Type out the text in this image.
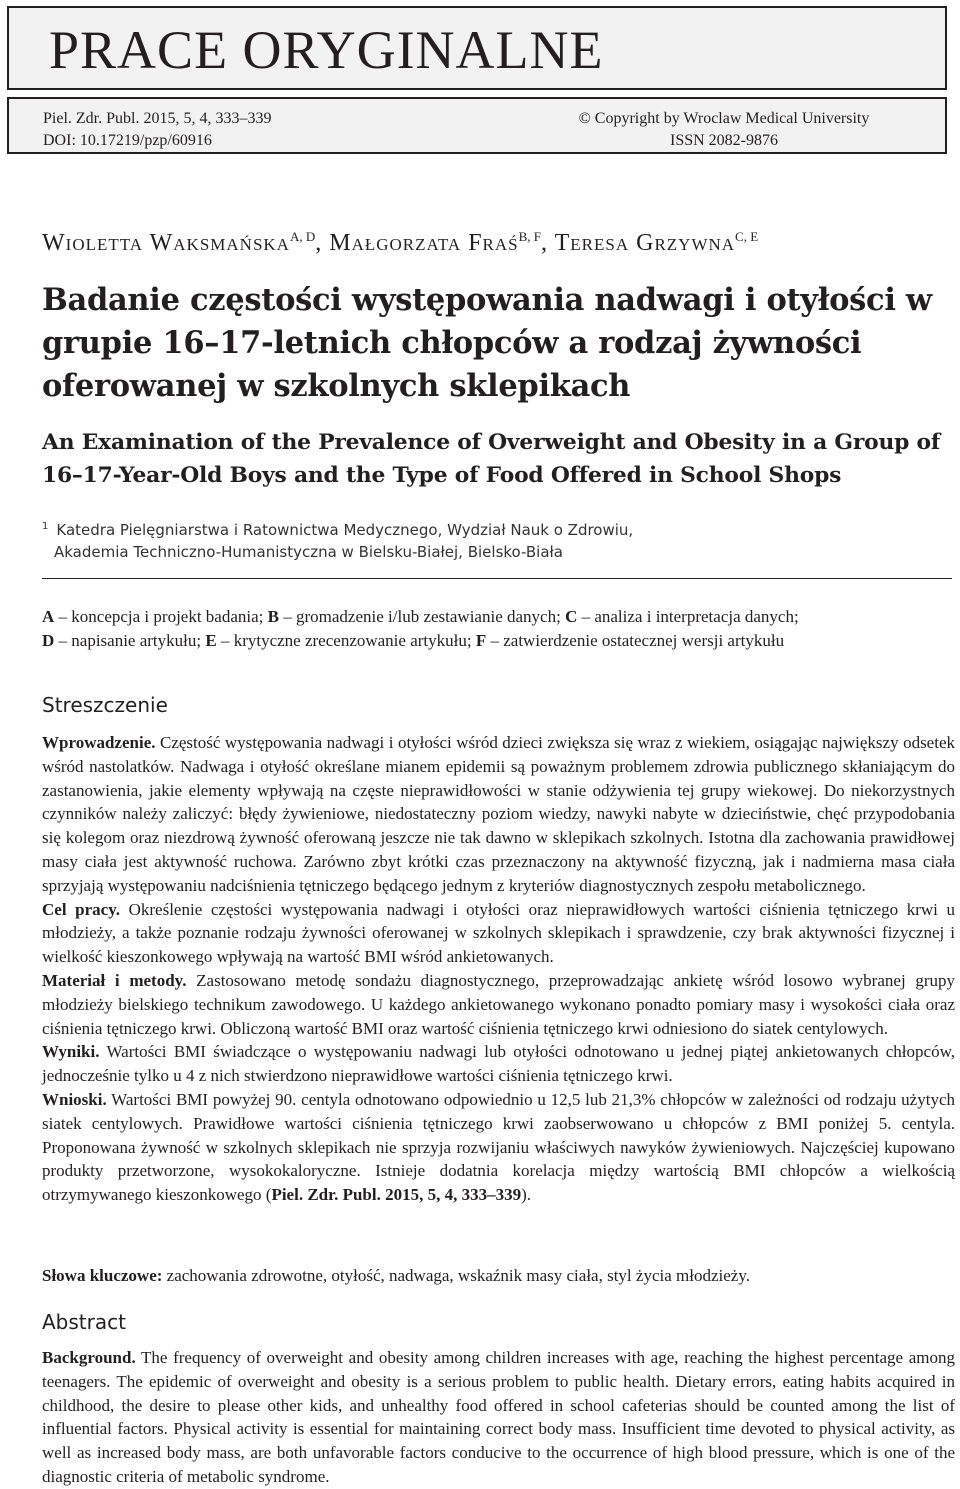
PRACE ORYGINALNE
Piel. Zdr. Publ. 2015, 5, 4, 333–339
DOI: 10.17219/pzp/60916
© Copyright by Wroclaw Medical University
ISSN 2082-9876
Wioletta Waksmańska$^{A, D}$, Małgorzata Fraś$^{B, F}$, Teresa Grzywna$^{C, E}$
Badanie częstości występowania nadwagi i otyłości w grupie 16–17-letnich chłopców a rodzaj żywności oferowanej w szkolnych sklepikach
An Examination of the Prevalence of Overweight and Obesity in a Group of 16–17-Year-Old Boys and the Type of Food Offered in School Shops
$^1$ Katedra Pielęgniarstwa i Ratownictwa Medycznego, Wydział Nauk o Zdrowiu,
Akademia Techniczno-Humanistyczna w Bielsku-Białej, Bielsko-Biała
A – koncepcja i projekt badania; B – gromadzenie i/lub zestawianie danych; C – analiza i interpretacja danych;
D – napisanie artykułu; E – krytyczne zrecenzowanie artykułu; F – zatwierdzenie ostatecznej wersji artykułu
Streszczenie

Wprowadzenie. Częstość występowania nadwagi i otyłości wśród dzieci zwiększa się wraz z wiekiem, osiągając największy odsetek wśród nastolatków. Nadwaga i otyłość określane mianem epidemii są poważnym problemem zdrowia publicznego skłaniającym do zastanowienia, jakie elementy wpływają na częste nieprawidłowości w stanie odżywienia tej grupy wiekowej. Do niekorzystnych czynników należy zaliczyć: błędy żywieniowe, niedostateczny poziom wiedzy, nawyki nabyte w dzieciństwie, chęć przypodobania się kolegom oraz niezdrową żywność oferowaną jeszcze nie tak dawno w sklepikach szkolnych. Istotna dla zachowania prawidłowej masy ciała jest aktywność ruchowa. Zarówno zbyt krótki czas przeznaczony na aktywność fizyczną, jak i nadmierna masa ciała sprzyjają występowaniu nadciśnienia tętniczego będącego jednym z kryteriów diagnostycznych zespołu metabolicznego.

Cel pracy. Określenie częstości występowania nadwagi i otyłości oraz nieprawidłowych wartości ciśnienia tętniczego krwi u młodzieży, a także poznanie rodzaju żywności oferowanej w szkolnych sklepikach i sprawdzenie, czy brak aktywności fizycznej i wielkość kieszonkowego wpływają na wartość BMI wśród ankietowanych.

Materiał i metody. Zastosowano metodę sondażu diagnostycznego, przeprowadzając ankietę wśród losowo wybranej grupy młodzieży bielskiego technikum zawodowego. U każdego ankietowanego wykonano ponadto pomiary masy i wysokości ciała oraz ciśnienia tętniczego krwi. Obliczoną wartość BMI oraz wartość ciśnienia tętniczego krwi odniesiono do siatek centylowych.

Wyniki. Wartości BMI świadczące o występowaniu nadwagi lub otyłości odnotowano u jednej piątej ankietowanych chłopców, jednocześnie tylko u 4 z nich stwierdzono nieprawidłowe wartości ciśnienia tętniczego krwi.

Wnioski. Wartości BMI powyżej 90. centyla odnotowano odpowiednio u 12,5 lub 21,3% chłopców w zależności od rodzaju użytych siatek centylowych. Prawidłowe wartości ciśnienia tętniczego krwi zaobserwowano u chłopców z BMI poniżej 5. centyla. Proponowana żywność w szkolnych sklepikach nie sprzyja rozwijaniu właściwych nawyków żywieniowych. Najczęściej kupowano produkty przetworzone, wysokokaloryczne. Istnieje dodatnia korelacja między wartością BMI chłopców a wielkością otrzymywanego kieszonkowego (Piel. Zdr. Publ. 2015, 5, 4, 333–339).

Słowa kluczowe: zachowania zdrowotne, otyłość, nadwaga, wskaźnik masy ciała, styl życia młodzieży.
Abstract

Background. The frequency of overweight and obesity among children increases with age, reaching the highest percentage among teenagers. The epidemic of overweight and obesity is a serious problem to public health. Dietary errors, eating habits acquired in childhood, the desire to please other kids, and unhealthy food offered in school cafeterias should be counted among the list of influential factors. Physical activity is essential for maintaining correct body mass. Insufficient time devoted to physical activity, as well as increased body mass, are both unfavorable factors conducive to the occurrence of high blood pressure, which is one of the diagnostic criteria of metabolic syndrome.
